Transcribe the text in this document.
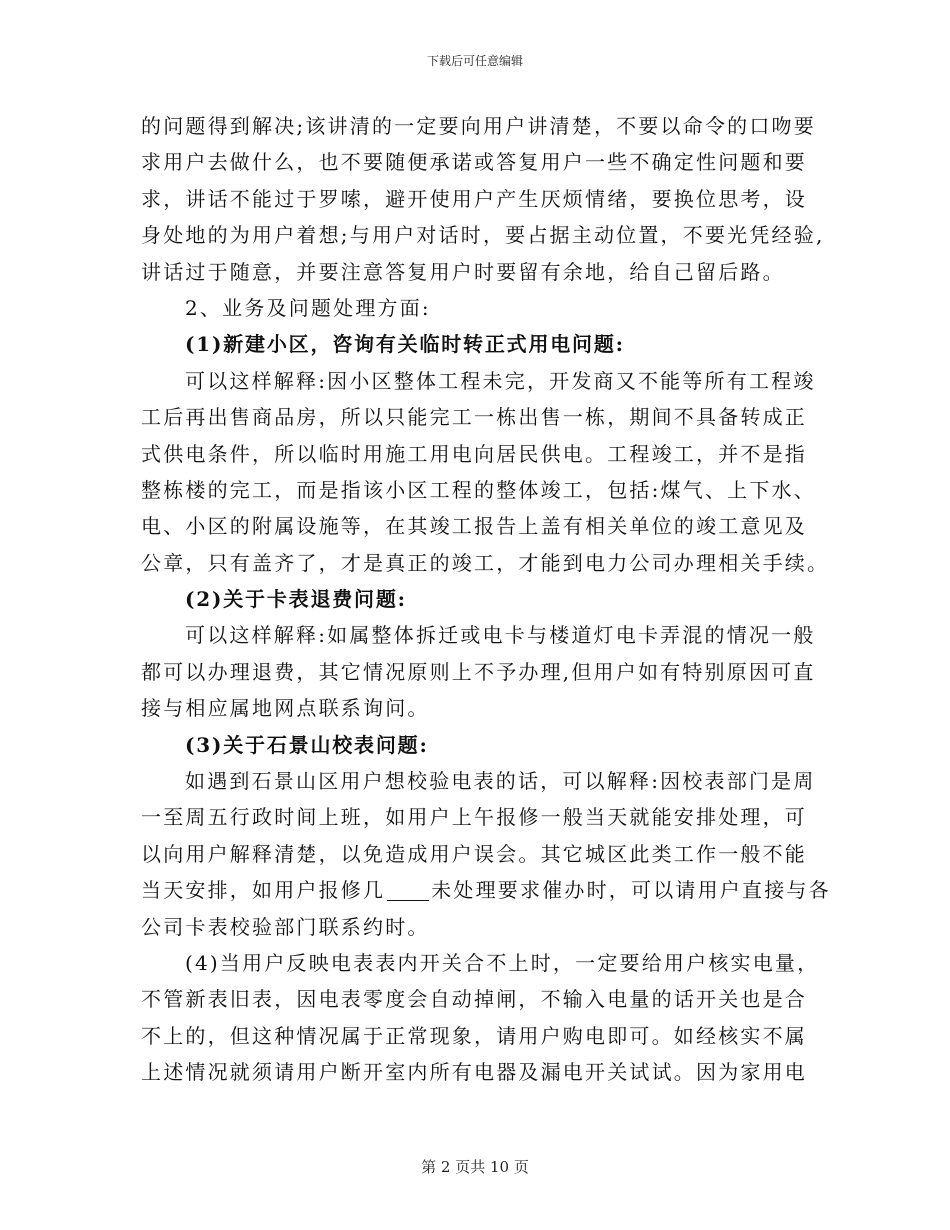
下载后可任意编辑
的问题得到解决;该讲清的一定要向用户讲清楚，不要以命令的口吻要
求用户去做什么，也不要随便承诺或答复用户一些不确定性问题和要
求，讲话不能过于罗嗦，避开使用户产生厌烦情绪，要换位思考，设
身处地的为用户着想;与用户对话时，要占据主动位置，不要光凭经验,
讲话过于随意，并要注意答复用户时要留有余地，给自己留后路。
2、业务及问题处理方面:
(1)新建小区，咨询有关临时转正式用电问题:
可以这样解释:因小区整体工程未完，开发商又不能等所有工程竣
工后再出售商品房，所以只能完工一栋出售一栋，期间不具备转成正
式供电条件，所以临时用施工用电向居民供电。工程竣工，并不是指
整栋楼的完工，而是指该小区工程的整体竣工，包括:煤气、上下水、
电、小区的附属设施等，在其竣工报告上盖有相关单位的竣工意见及
公章，只有盖齐了，才是真正的竣工，才能到电力公司办理相关手续。
(2)关于卡表退费问题:
可以这样解释:如属整体拆迁或电卡与楼道灯电卡弄混的情况一般
都可以办理退费，其它情况原则上不予办理,但用户如有特别原因可直
接与相应属地网点联系询问。
(3)关于石景山校表问题:
如遇到石景山区用户想校验电表的话，可以解释:因校表部门是周
一至周五行政时间上班，如用户上午报修一般当天就能安排处理，可
以向用户解释清楚，以免造成用户误会。其它城区此类工作一般不能
当天安排，如用户报修几 未处理要求催办时，可以请用户直接与各
公司卡表校验部门联系约时。
(4)当用户反映电表表内开关合不上时，一定要给用户核实电量，
不管新表旧表，因电表零度会自动掉闸，不输入电量的话开关也是合
不上的，但这种情况属于正常现象，请用户购电即可。如经核实不属
上述情况就须请用户断开室内所有电器及漏电开关试试。因为家用电
第 2 页共 10 页
